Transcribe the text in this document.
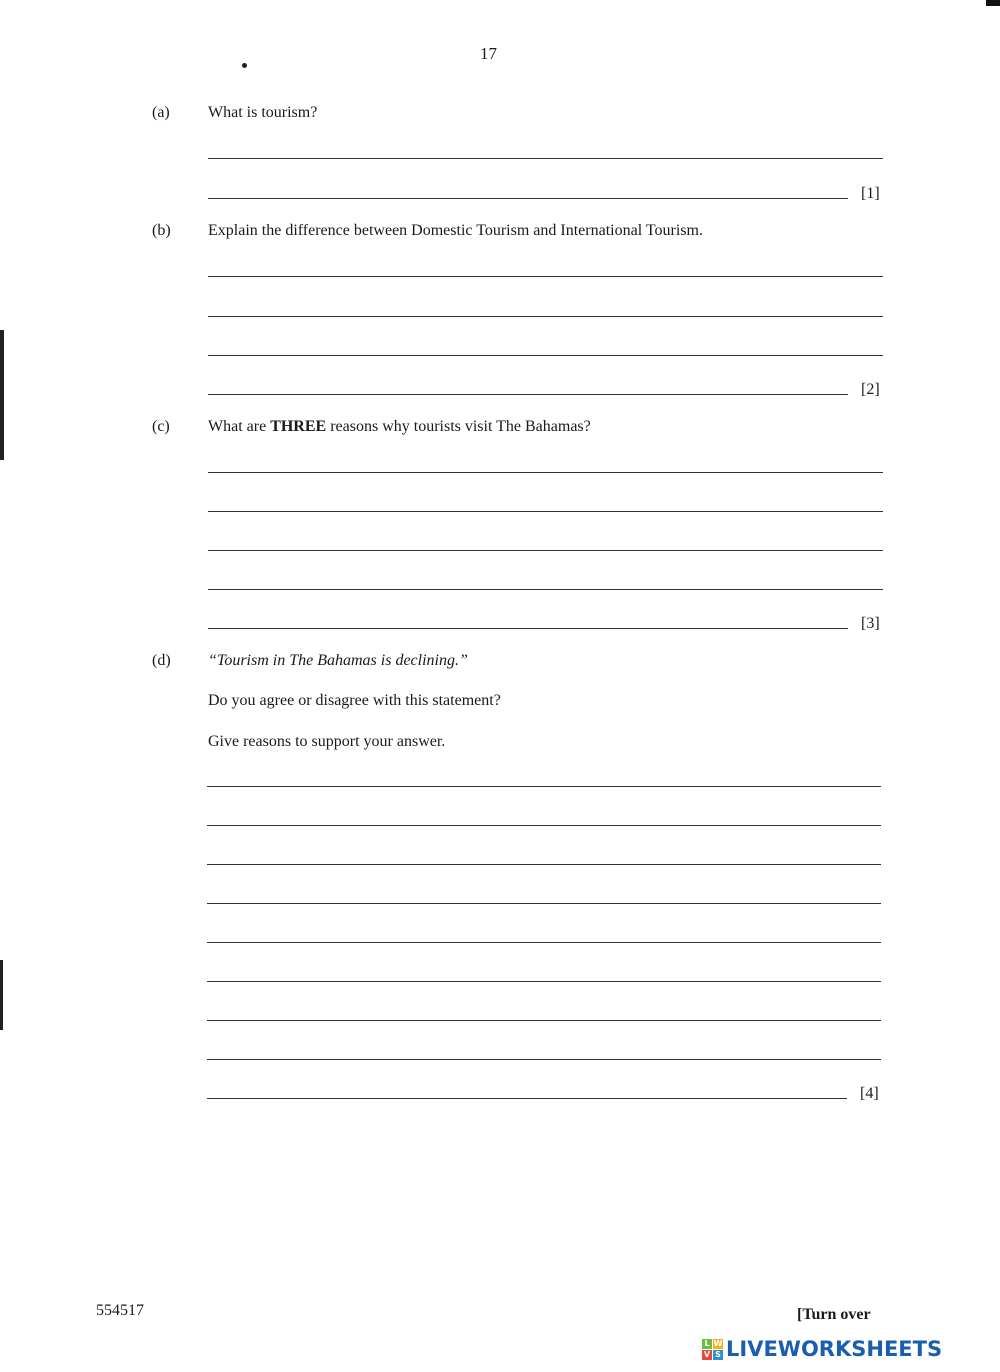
17
(a) What is tourism?
[1]
(b) Explain the difference between Domestic Tourism and International Tourism.
[2]
(c) What are THREE reasons why tourists visit The Bahamas?
[3]
(d) “Tourism in The Bahamas is declining.”
Do you agree or disagree with this statement?
Give reasons to support your answer.
[4]
554517	[Turn over
L W
V S LIVEWORKSHEETS
